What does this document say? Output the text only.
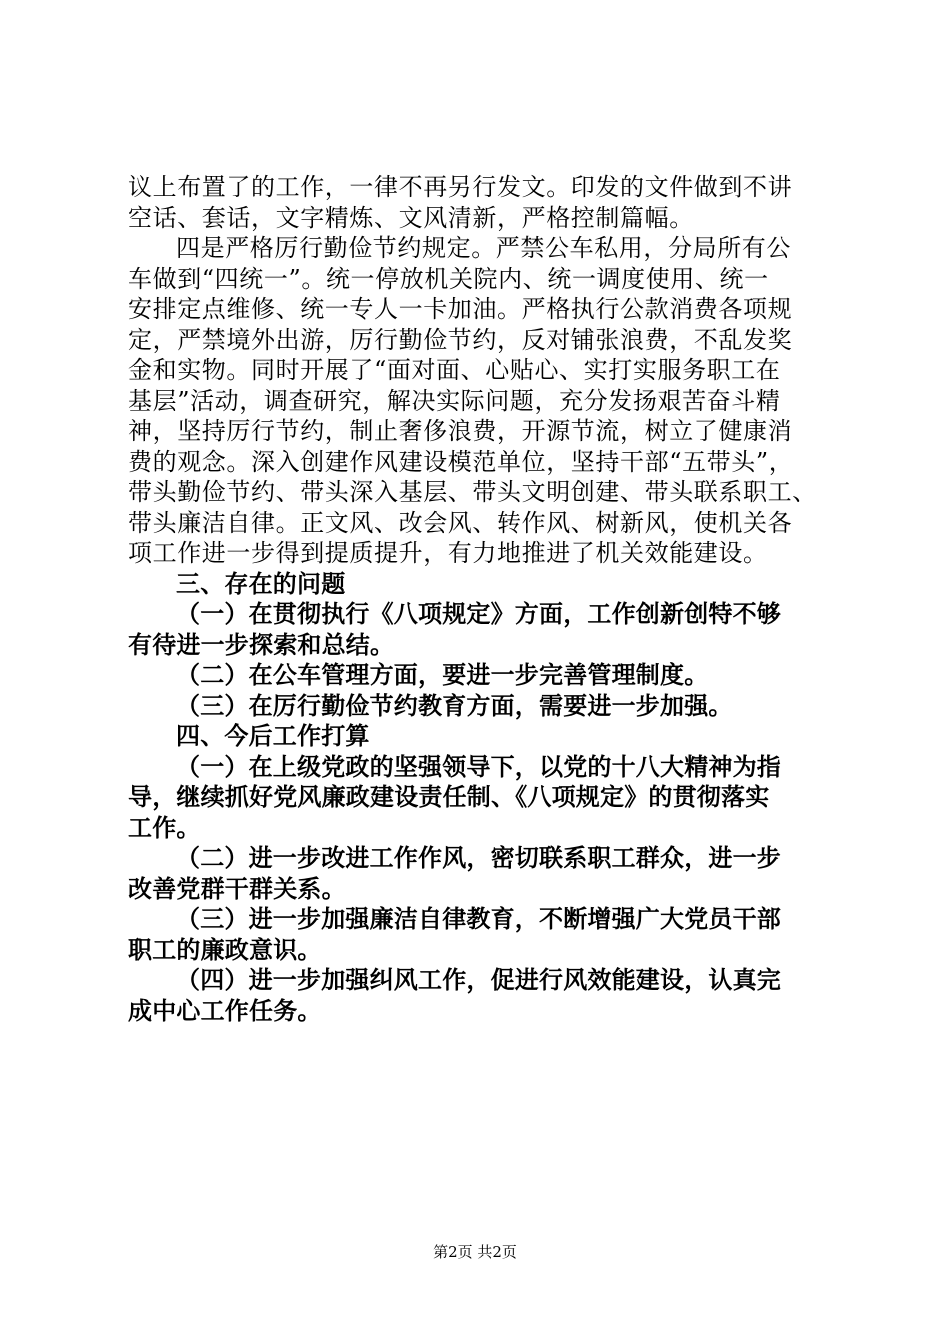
议上布置了的工作，一律不再另行发文。印发的文件做到不讲
空话、套话，文字精炼、文风清新，严格控制篇幅。
四是严格厉行勤俭节约规定。严禁公车私用，分局所有公
车做到“四统一”。统一停放机关院内、统一调度使用、统一
安排定点维修、统一专人一卡加油。严格执行公款消费各项规
定，严禁境外出游，厉行勤俭节约，反对铺张浪费，不乱发奖
金和实物。同时开展了“面对面、心贴心、实打实服务职工在
基层”活动，调查研究，解决实际问题，充分发扬艰苦奋斗精
神，坚持厉行节约，制止奢侈浪费，开源节流，树立了健康消
费的观念。深入创建作风建设模范单位，坚持干部“五带头”，
带头勤俭节约、带头深入基层、带头文明创建、带头联系职工、
带头廉洁自律。正文风、改会风、转作风、树新风，使机关各
项工作进一步得到提质提升，有力地推进了机关效能建设。
三、存在的问题
（一）在贯彻执行《八项规定》方面，工作创新创特不够
有待进一步探索和总结。
（二）在公车管理方面，要进一步完善管理制度。
（三）在厉行勤俭节约教育方面，需要进一步加强。
四、今后工作打算
（一）在上级党政的坚强领导下，以党的十八大精神为指
导，继续抓好党风廉政建设责任制、《八项规定》的贯彻落实
工作。
（二）进一步改进工作作风，密切联系职工群众，进一步
改善党群干群关系。
（三）进一步加强廉洁自律教育，不断增强广大党员干部
职工的廉政意识。
（四）进一步加强纠风工作，促进行风效能建设，认真完
成中心工作任务。
第2页 共2页
